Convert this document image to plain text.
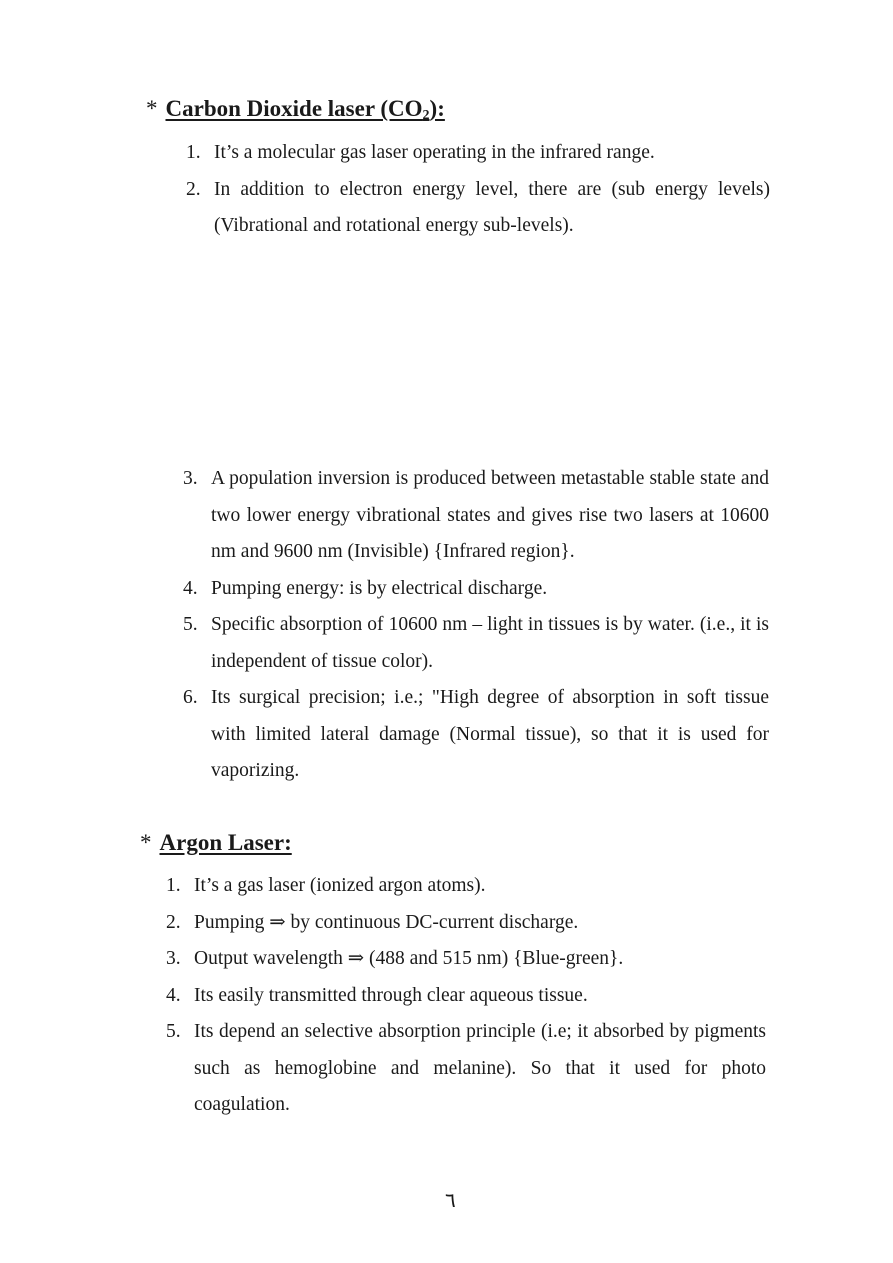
* Carbon Dioxide laser $(CO_2)$:
1. It’s a molecular gas laser operating in the infrared range.
2. In addition to electron energy level, there are (sub energy levels) (Vibrational and rotational energy sub-levels).
3. A population inversion is produced between metastable stable state and two lower energy vibrational states and gives rise two lasers at 10600 nm and 9600 nm (Invisible) {Infrared region}.
4. Pumping energy: is by electrical discharge.
5. Specific absorption of 10600 nm – light in tissues is by water. (i.e., it is independent of tissue color).
6. Its surgical precision; i.e.; "High degree of absorption in soft tissue with limited lateral damage (Normal tissue), so that it is used for vaporizing.
* Argon Laser:
1. It’s a gas laser (ionized argon atoms).
2. Pumping ⇒ by continuous DC-current discharge.
3. Output wavelength ⇒ (488 and 515 nm) {Blue-green}.
4. Its easily transmitted through clear aqueous tissue.
5. Its depend an selective absorption principle (i.e; it absorbed by pigments such as hemoglobine and melanine). So that it used for photo coagulation.
٦
